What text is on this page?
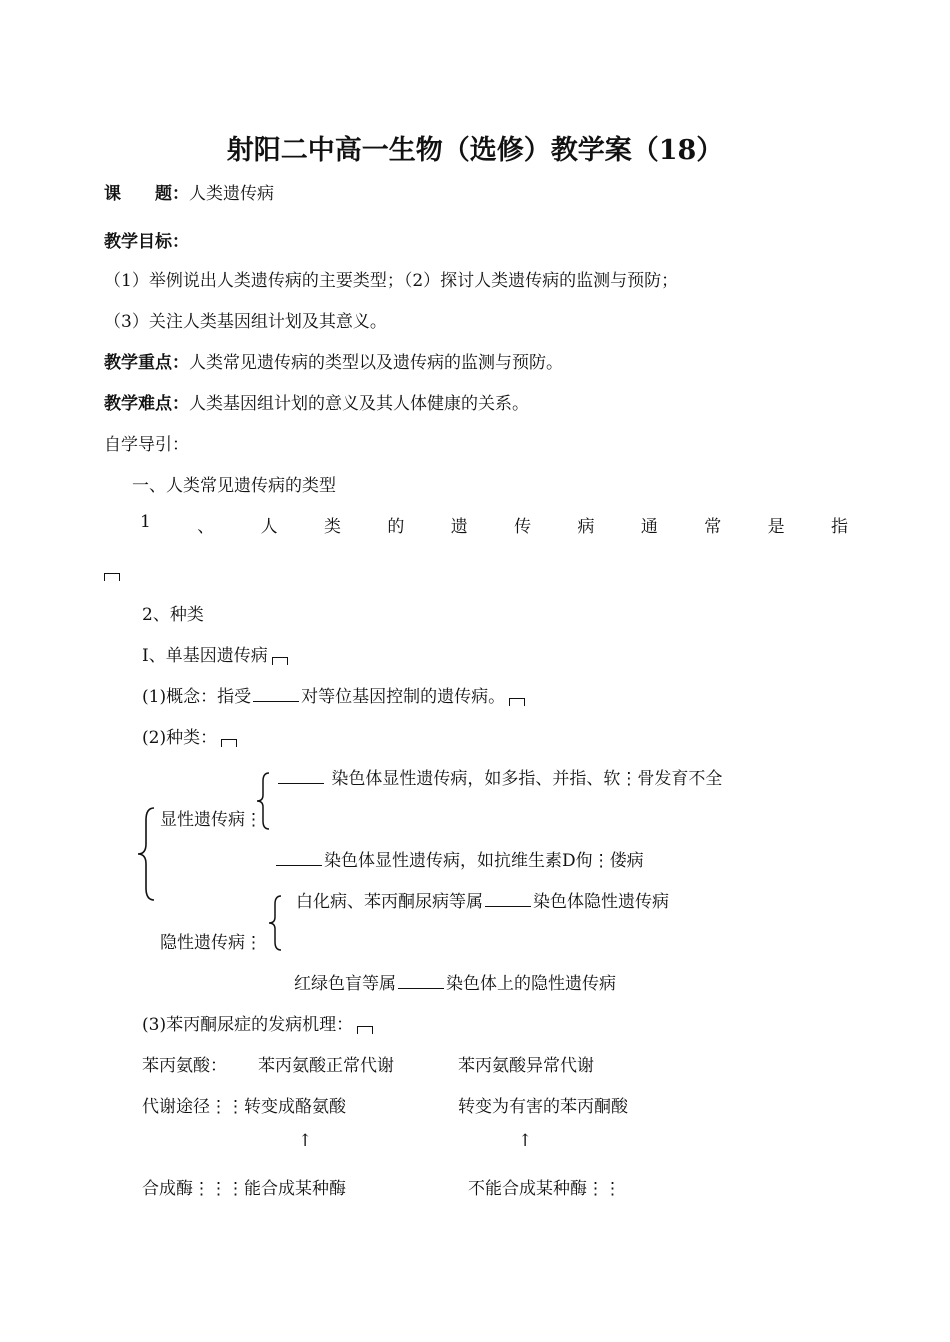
射阳二中高一生物（选修）教学案（18）
课　　题：人类遗传病
教学目标：
（1）举例说出人类遗传病的主要类型；（2）探讨人类遗传病的监测与预防；
（3）关注人类基因组计划及其意义。
教学重点：人类常见遗传病的类型以及遗传病的监测与预防。
教学难点：人类基因组计划的意义及其人体健康的关系。
自学导引：
一、人类常见遗传病的类型
1	、	人	类	的	遗	传	病	通	常	是	指
2、种类
Ⅰ、单基因遗传病
(1)概念：指受	对等位基因控制的遗传病。
(2)种类：
染色体显性遗传病，如多指、并指、软⋮骨发育不全
显性遗传病⋮
染色体显性遗传病，如抗维生素D佝⋮偻病
白化病、苯丙酮尿病等属	染色体隐性遗传病
隐性遗传病⋮
红绿色盲等属	染色体上的隐性遗传病
(3)苯丙酮尿症的发病机理：
苯丙氨酸： 苯丙氨酸正常代谢	苯丙氨酸异常代谢
代谢途径⋮⋮转变成酪氨酸	转变为有害的苯丙酮酸
↑	↑
合成酶⋮⋮⋮能合成某种酶	不能合成某种酶⋮⋮
